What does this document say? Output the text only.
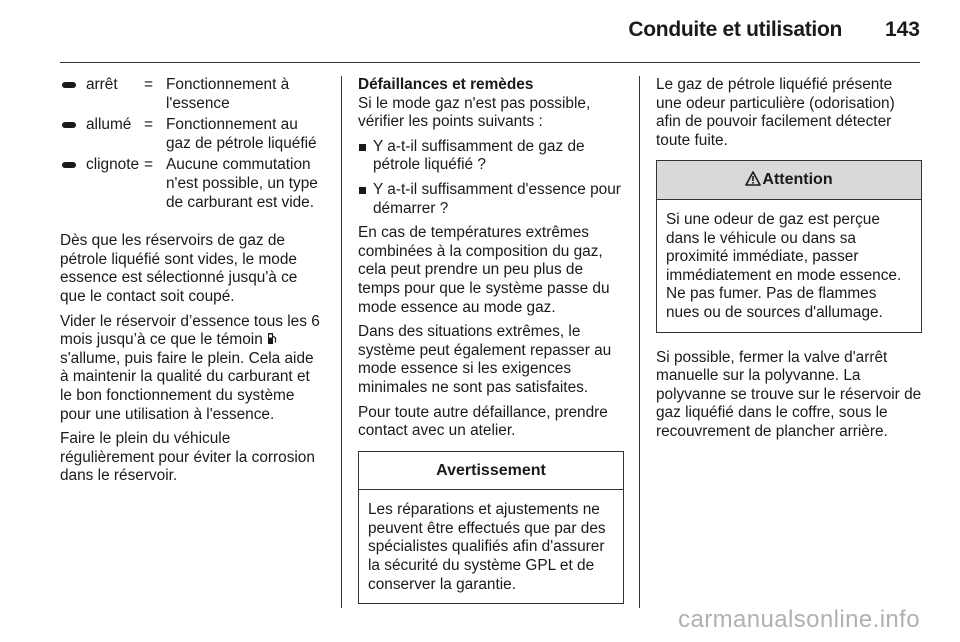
Conduite et utilisation 143
arrêt	= Fonctionnement à l'essence
allumé = Fonctionnement au gaz de pétrole liquéfié
clignote = Aucune commutation n'est possible, un type de carburant est vide.

Dès que les réservoirs de gaz de pétrole liquéfié sont vides, le mode essence est sélectionné jusqu'à ce que le contact soit coupé.

Vider le réservoir d’essence tous les 6 mois jusqu’à ce que le témoin  s'allume, puis faire le plein. Cela aide à maintenir la qualité du carburant et le bon fonctionnement du système pour une utilisation à l'essence.

Faire le plein du véhicule régulièrement pour éviter la corrosion dans le réservoir.

Défaillances et remèdes

Si le mode gaz n'est pas possible, vérifier les points suivants :

Y a-t-il suffisamment de gaz de pétrole liquéfié ?
Y a-t-il suffisamment d'essence pour démarrer ?

En cas de températures extrêmes combinées à la composition du gaz, cela peut prendre un peu plus de temps pour que le système passe du mode essence au mode gaz.

Dans des situations extrêmes, le système peut également repasser au mode essence si les exigences minimales ne sont pas satisfaites.

Pour toute autre défaillance, prendre contact avec un atelier.

Avertissement
Les réparations et ajustements ne peuvent être effectués que par des spécialistes qualifiés afin d'assurer la sécurité du système GPL et de conserver la garantie.

Le gaz de pétrole liquéfié présente une odeur particulière (odorisation) afin de pouvoir facilement détecter toute fuite.

Attention
Si une odeur de gaz est perçue dans le véhicule ou dans sa proximité immédiate, passer immédiatement en mode essence. Ne pas fumer. Pas de flammes nues ou de sources d'allumage.

Si possible, fermer la valve d'arrêt manuelle sur la polyvanne. La polyvanne se trouve sur le réservoir de gaz liquéfié dans le coffre, sous le recouvrement de plancher arrière.

carmanualsonline.info
